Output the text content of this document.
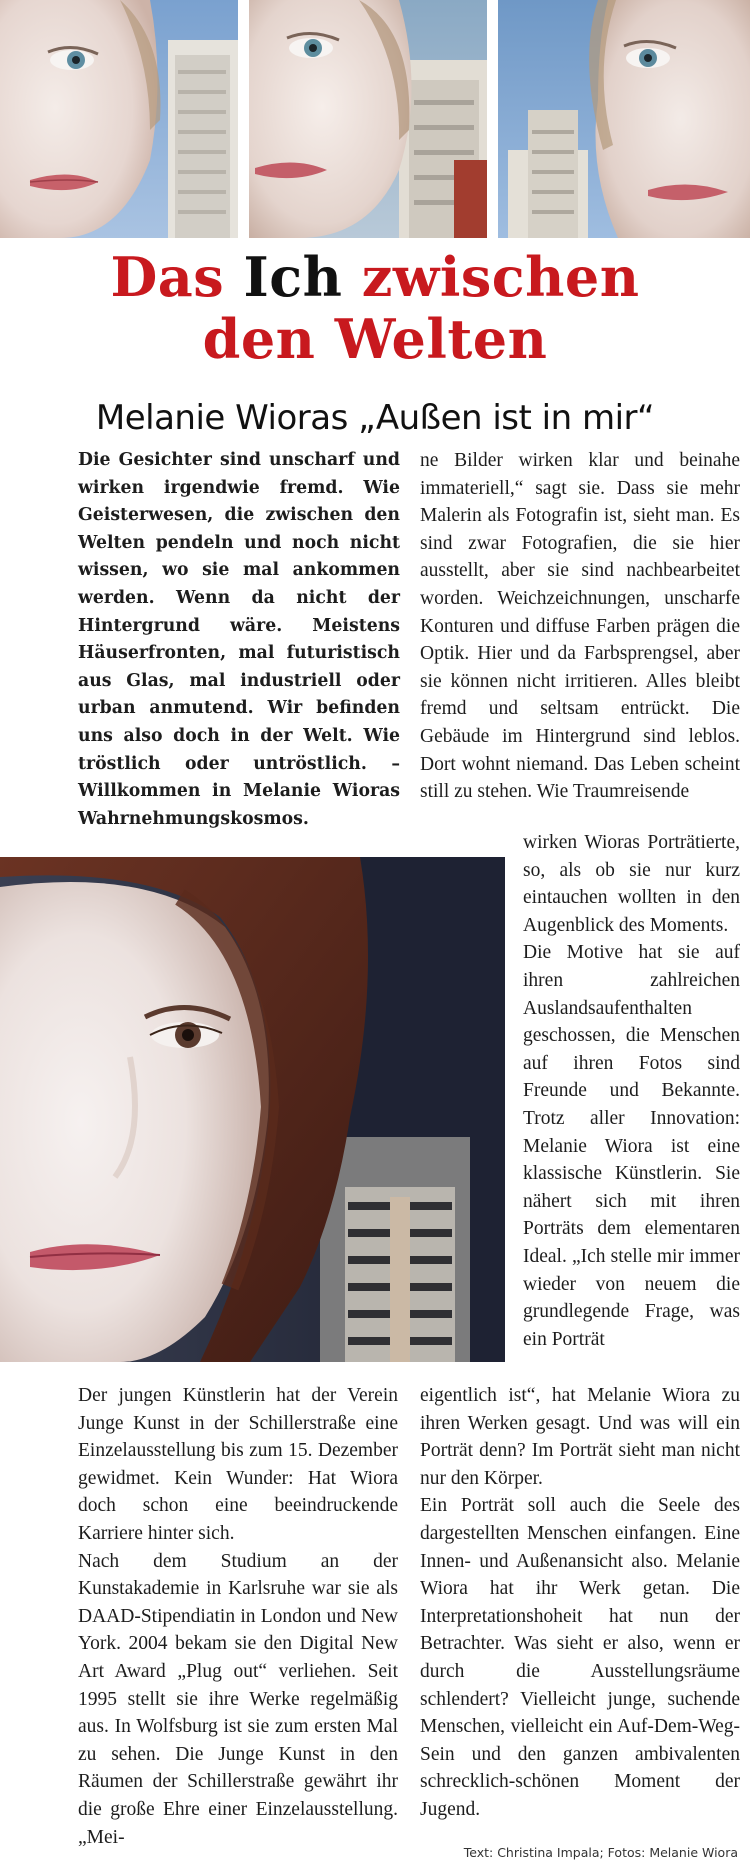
Das Ich zwischen
den Welten
Melanie Wioras „Außen ist in mir“

Die Gesichter sind unscharf und wirken irgendwie fremd. Wie Geisterwesen, die zwischen den Welten pendeln und noch nicht wissen, wo sie mal ankommen werden. Wenn da nicht der Hintergrund wäre. Meistens Häuserfronten, mal futuristisch aus Glas, mal industriell oder urban anmutend. Wir befinden uns also doch in der Welt. Wie tröstlich oder untröstlich. – Willkommen in Melanie Wioras Wahrnehmungskosmos.

ne Bilder wirken klar und beinahe immateriell,“ sagt sie. Dass sie mehr Malerin als Fotografin ist, sieht man. Es sind zwar Fotografien, die sie hier ausstellt, aber sie sind nachbearbeitet worden. Weichzeichnungen, unscharfe Konturen und diffuse Farben prägen die Optik. Hier und da Farbsprengsel, aber sie können nicht irritieren. Alles bleibt fremd und seltsam entrückt. Die Gebäude im Hintergrund sind leblos. Dort wohnt niemand. Das Leben scheint still zu stehen. Wie Traumreisende

wirken Wioras Porträtierte, so, als ob sie nur kurz eintauchen wollten in den Augenblick des Moments.

Die Motive hat sie auf ihren zahlreichen Auslandsaufenthalten geschossen, die Menschen auf ihren Fotos sind Freunde und Bekannte. Trotz aller Innovation: Melanie Wiora ist eine klassische Künstlerin. Sie nähert sich mit ihren Porträts dem elementaren Ideal. „Ich stelle mir immer wieder von neuem die grundlegende Frage, was ein Porträt

Der jungen Künstlerin hat der Verein Junge Kunst in der Schillerstraße eine Einzelausstellung bis zum 15. Dezember gewidmet. Kein Wunder: Hat Wiora doch schon eine beeindruckende Karriere hinter sich.

Nach dem Studium an der Kunstakademie in Karlsruhe war sie als DAAD-Stipendiatin in London und New York. 2004 bekam sie den Digital New Art Award „Plug out“ verliehen. Seit 1995 stellt sie ihre Werke regelmäßig aus. In Wolfsburg ist sie zum ersten Mal zu sehen. Die Junge Kunst in den Räumen der Schillerstraße gewährt ihr die große Ehre einer Einzelausstellung. „Mei-

eigentlich ist“, hat Melanie Wiora zu ihren Werken gesagt. Und was will ein Porträt denn? Im Porträt sieht man nicht nur den Körper.

Ein Porträt soll auch die Seele des dargestellten Menschen einfangen. Eine Innen- und Außenansicht also. Melanie Wiora hat ihr Werk getan. Die Interpretationshoheit hat nun der Betrachter. Was sieht er also, wenn er durch die Ausstellungsräume schlendert? Vielleicht junge, suchende Menschen, vielleicht ein Auf-Dem-Weg-Sein und den ganzen ambivalenten schrecklich-schönen Moment der Jugend.

Text: Christina Impala; Fotos: Melanie Wiora
